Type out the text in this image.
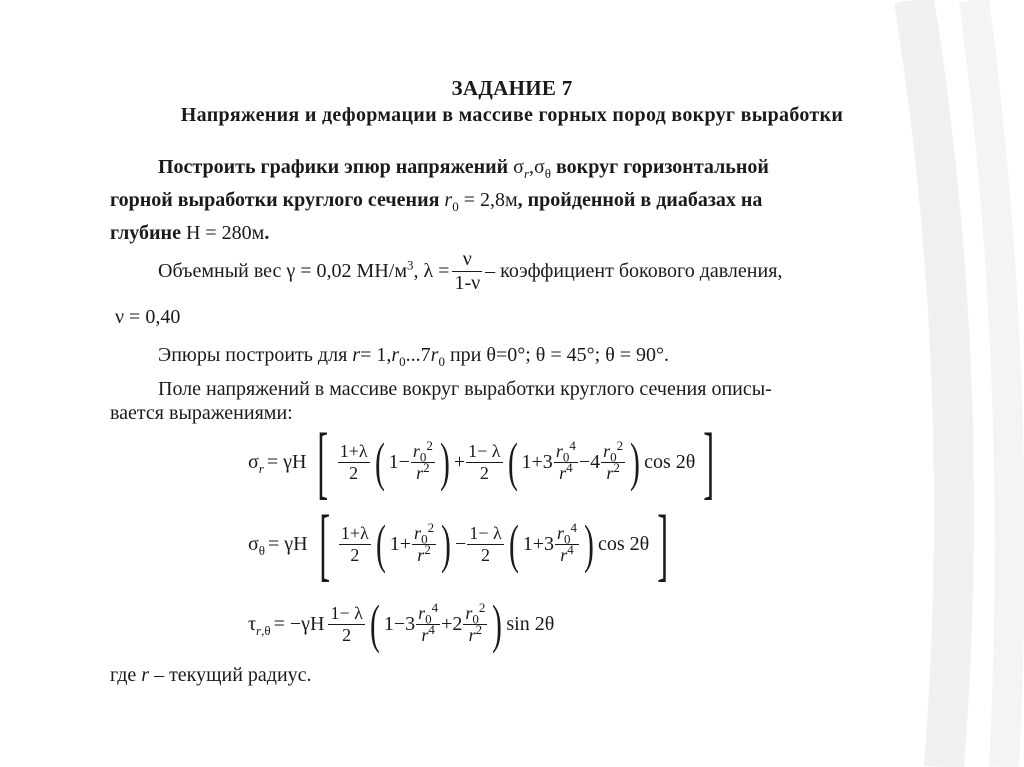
ЗАДАНИЕ 7
Напряжения и деформации в массиве горных пород вокруг выработки
Построить графики эпюр напряжений $\sigma_r,\sigma_\theta$ вокруг горизонтальной
горной выработки круглого сечения $r_0 = 2,8м$, пройденной в диабазах на
глубине H = 280м.
Объемный вес
γ = 0,02 $МН/м^3$ , $\lambda = \frac{\nu}{1-\nu}$ – коэффициент бокового давления,
ν = 0,40
Эпюры построить для $r= 1,r_0...7r_0$ при θ=0°; θ = 45°; θ = 90°.
Поле напряжений в массиве вокруг выработки круглого сечения описы-
вается выражениями:
$\sigma_r = \gamma H$ [ $\frac{1+\lambda}{2}$ ( $1- \frac{r_0^2}{r^2}$ ) + $\frac{1- \lambda}{2}$ ( $1+3 \frac{r_0^4}{r^4} -4 \frac{r_0^2}{r^2}$ ) cos 2θ ]
$\sigma_\theta = \gamma H$ [ $\frac{1+\lambda}{2}$ ( $1+ \frac{r_0^2}{r^2}$ ) − $\frac{1- \lambda}{2}$ ( $1+3 \frac{r_0^4}{r^4}$ ) cos 2θ ]
$\tau_{r,\theta} = -\gamma H \frac{1- \lambda}{2}$ ( $1-3 \frac{r_0^4}{r^4} +2 \frac{r_0^2}{r^2}$ ) sin 2θ
где r – текущий радиус.
